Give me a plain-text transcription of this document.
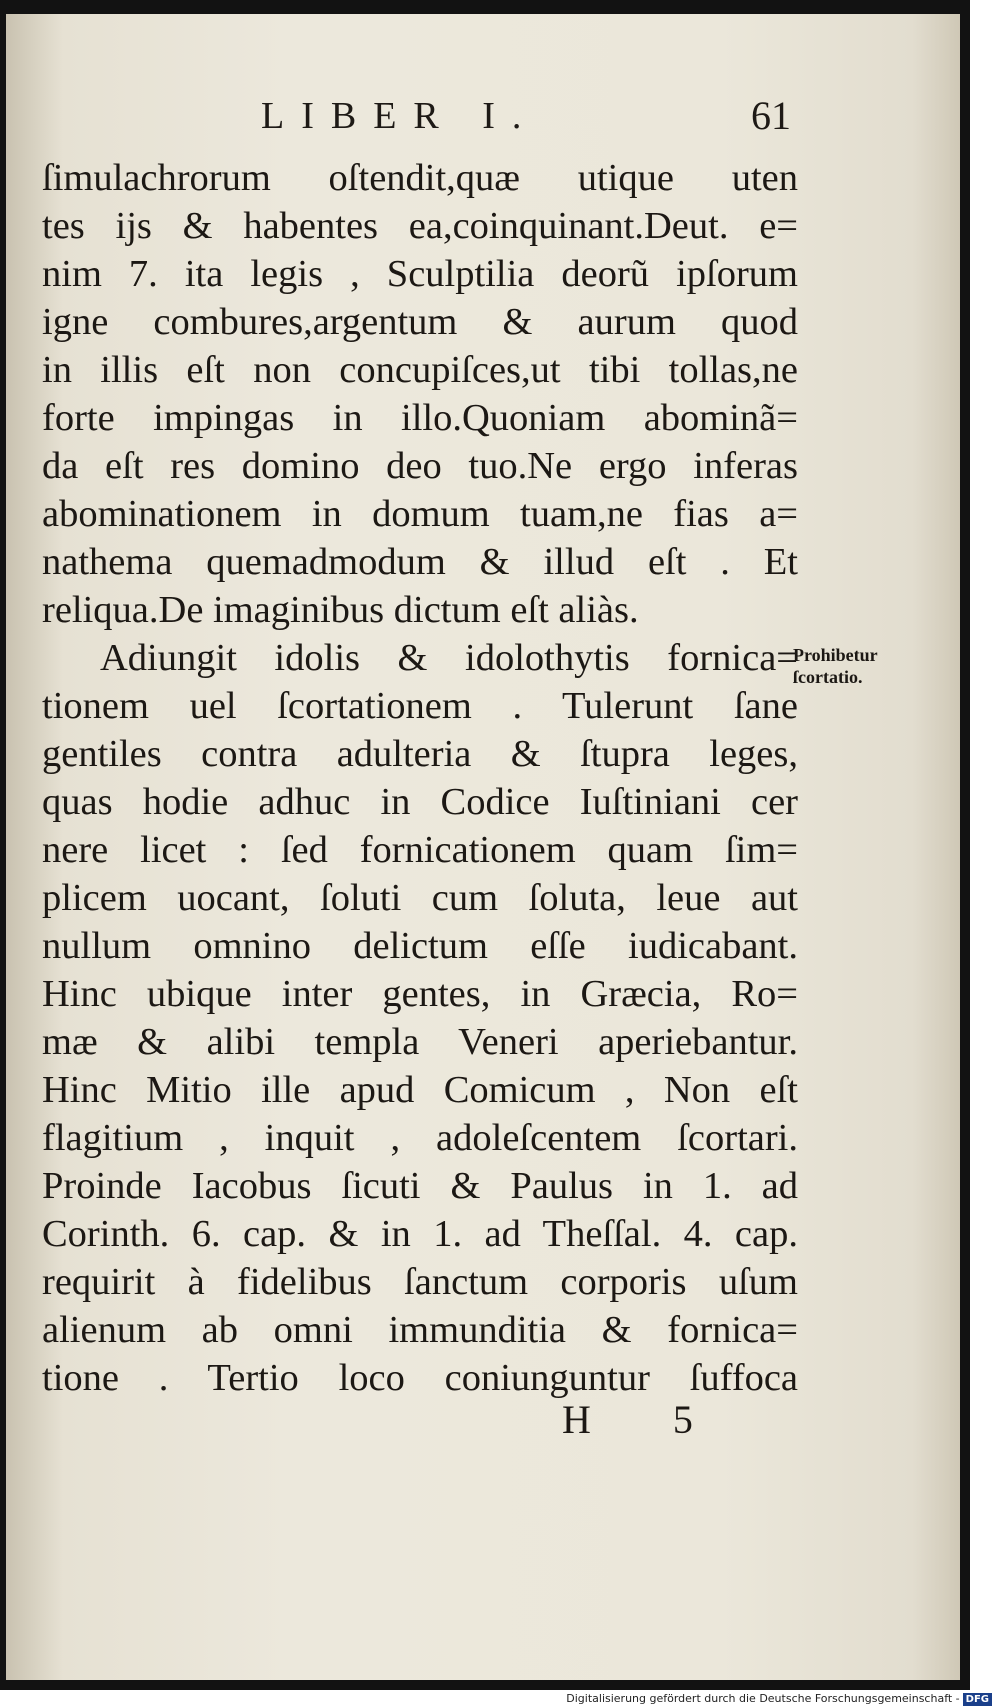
LIBER I.	61
ſimulachrorum oſtendit,quæ utique uten
tes ijs & habentes ea,coinquinant.Deut. e=
nim 7. ita legis , Sculptilia deorũ ipſorum
igne combures,argentum & aurum quod
in illis eſt non concupiſces,ut tibi tollas,ne
forte impingas in illo.Quoniam abominã=
da eſt res domino deo tuo.Ne ergo inferas
abominationem in domum tuam,ne fias a=
nathema quemadmodum & illud eſt . Et
reliqua.De imaginibus dictum eſt aliàs.
Adiungit idolis & idolothytis fornica=
tionem uel ſcortationem . Tulerunt ſane
gentiles contra adulteria & ſtupra leges,
quas hodie adhuc in Codice Iuſtiniani cer
nere licet : ſed fornicationem quam ſim=
plicem uocant, ſoluti cum ſoluta, leue aut
nullum omnino delictum eſſe iudicabant.
Hinc ubique inter gentes, in Græcia, Ro=
mæ & alibi templa Veneri aperiebantur.
Hinc Mitio ille apud Comicum , Non eſt
flagitium , inquit , adoleſcentem ſcortari.
Proinde Iacobus ſicuti & Paulus in 1. ad
Corinth. 6. cap. & in 1. ad Theſſal. 4. cap.
requirit à fidelibus ſanctum corporis uſum
alienum ab omni immunditia & fornica=
tione . Tertio loco coniunguntur ſuffoca
Prohibetur
ſcortatio.
H 5
Digitalisierung gefördert durch die Deutsche Forschungsgemeinschaft - DFG
